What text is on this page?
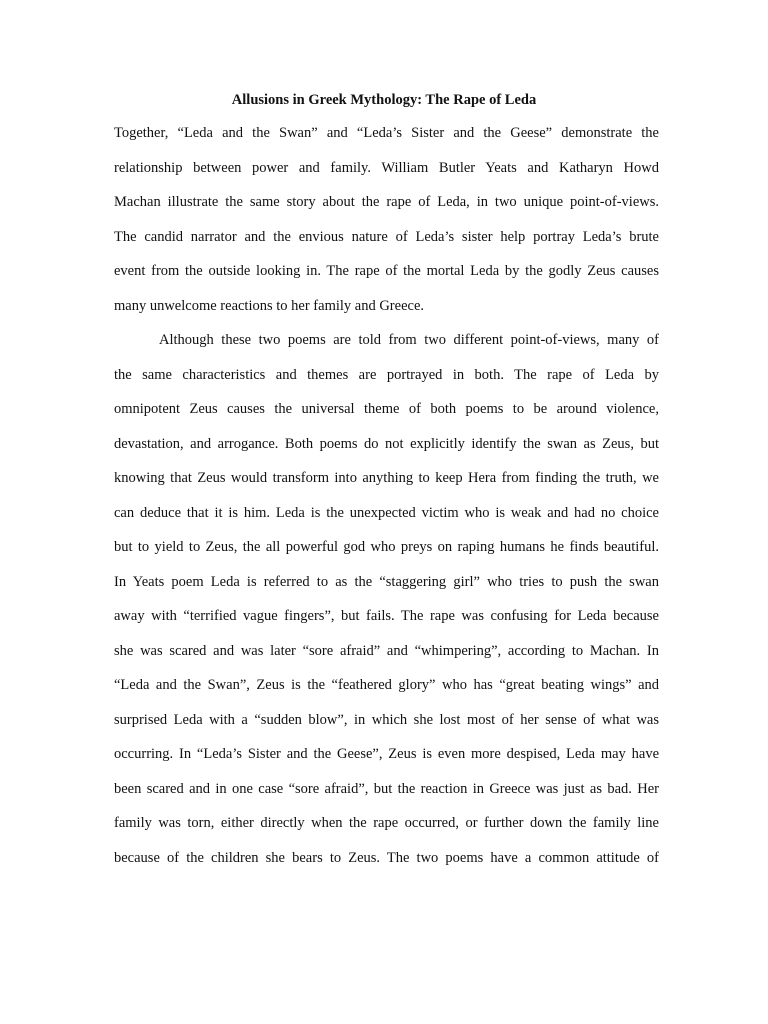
Allusions in Greek Mythology: The Rape of Leda
Together, “Leda and the Swan” and “Leda’s Sister and the Geese” demonstrate the
relationship between power and family. William Butler Yeats and Katharyn Howd
Machan illustrate the same story about the rape of Leda, in two unique point-of-views.
The candid narrator and the envious nature of Leda’s sister help portray Leda’s brute
event from the outside looking in. The rape of the mortal Leda by the godly Zeus causes
many unwelcome reactions to her family and Greece.
Although these two poems are told from two different point-of-views, many of
the same characteristics and themes are portrayed in both. The rape of Leda by
omnipotent Zeus causes the universal theme of both poems to be around violence,
devastation, and arrogance. Both poems do not explicitly identify the swan as Zeus, but
knowing that Zeus would transform into anything to keep Hera from finding the truth, we
can deduce that it is him. Leda is the unexpected victim who is weak and had no choice
but to yield to Zeus, the all powerful god who preys on raping humans he finds beautiful.
In Yeats poem Leda is referred to as the “staggering girl” who tries to push the swan
away with “terrified vague fingers”, but fails. The rape was confusing for Leda because
she was scared and was later “sore afraid” and “whimpering”, according to Machan. In
“Leda and the Swan”, Zeus is the “feathered glory” who has “great beating wings” and
surprised Leda with a “sudden blow”, in which she lost most of her sense of what was
occurring. In “Leda’s Sister and the Geese”, Zeus is even more despised, Leda may have
been scared and in one case “sore afraid”, but the reaction in Greece was just as bad. Her
family was torn, either directly when the rape occurred, or further down the family line
because of the children she bears to Zeus. The two poems have a common attitude of
